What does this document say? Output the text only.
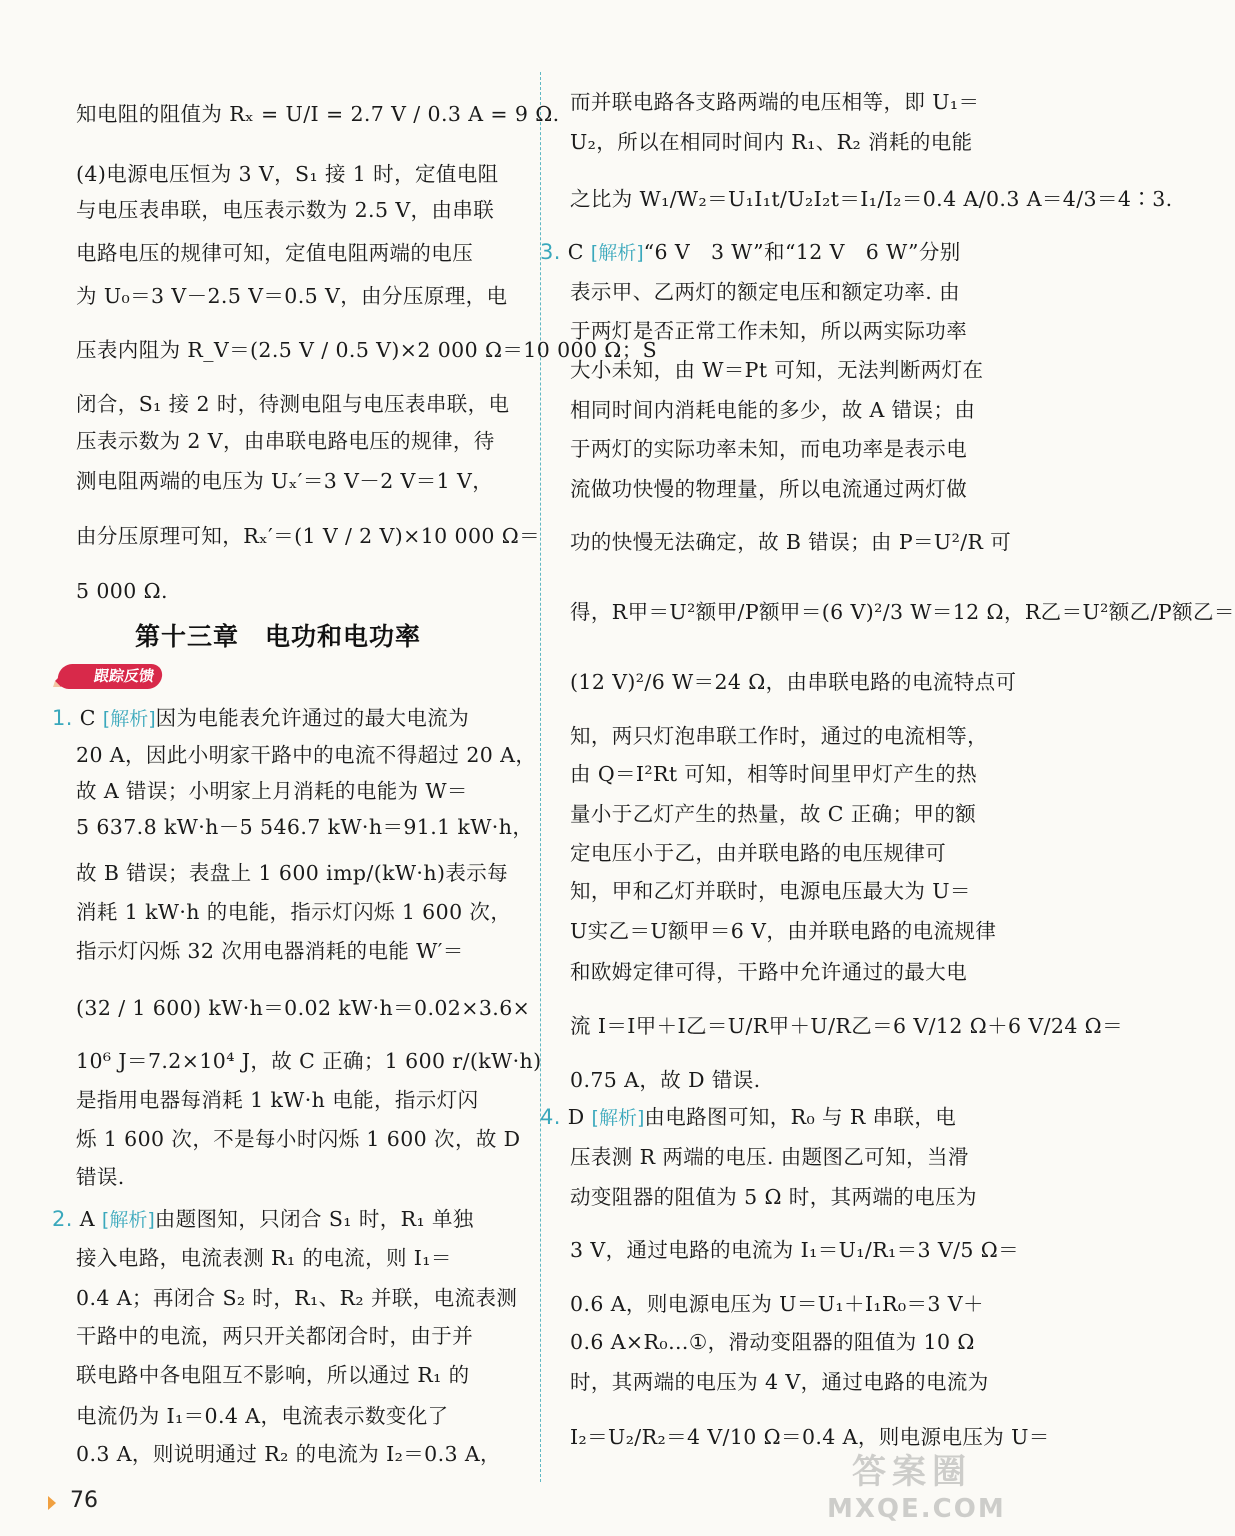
知电阻的阻值为 Rₓ = U/I = 2.7 V / 0.3 A = 9 Ω.
(4)电源电压恒为 3 V，S₁ 接 1 时，定值电阻
与电压表串联，电压表示数为 2.5 V，由串联
电路电压的规律可知，定值电阻两端的电压
为 U₀＝3 V－2.5 V＝0.5 V，由分压原理，电
压表内阻为 R_V＝(2.5 V / 0.5 V)×2 000 Ω＝10 000 Ω；S
闭合，S₁ 接 2 时，待测电阻与电压表串联，电
压表示数为 2 V，由串联电路电压的规律，待
测电阻两端的电压为 Uₓ′＝3 V－2 V＝1 V，
由分压原理可知，Rₓ′＝(1 V / 2 V)×10 000 Ω＝
5 000 Ω.
第十三章　电功和电功率
跟踪反馈
1. C [解析]因为电能表允许通过的最大电流为
20 A，因此小明家干路中的电流不得超过 20 A，
故 A 错误；小明家上月消耗的电能为 W＝
5 637.8 kW·h－5 546.7 kW·h＝91.1 kW·h，
故 B 错误；表盘上 1 600 imp/(kW·h)表示每
消耗 1 kW·h 的电能，指示灯闪烁 1 600 次，
指示灯闪烁 32 次用电器消耗的电能 W′＝
(32 / 1 600) kW·h＝0.02 kW·h＝0.02×3.6×
10⁶ J＝7.2×10⁴ J，故 C 正确；1 600 r/(kW·h)
是指用电器每消耗 1 kW·h 电能，指示灯闪
烁 1 600 次，不是每小时闪烁 1 600 次，故 D
错误.
2. A [解析]由题图知，只闭合 S₁ 时，R₁ 单独
接入电路，电流表测 R₁ 的电流，则 I₁＝
0.4 A；再闭合 S₂ 时，R₁、R₂ 并联，电流表测
干路中的电流，两只开关都闭合时，由于并
联电路中各电阻互不影响，所以通过 R₁ 的
电流仍为 I₁＝0.4 A，电流表示数变化了
0.3 A，则说明通过 R₂ 的电流为 I₂＝0.3 A，
而并联电路各支路两端的电压相等，即 U₁＝
U₂，所以在相同时间内 R₁、R₂ 消耗的电能
之比为 W₁/W₂＝U₁I₁t/U₂I₂t＝I₁/I₂＝0.4 A/0.3 A＝4/3＝4∶3.
3. C [解析]“6 V　3 W”和“12 V　6 W”分别
表示甲、乙两灯的额定电压和额定功率. 由
于两灯是否正常工作未知，所以两实际功率
大小未知，由 W＝Pt 可知，无法判断两灯在
相同时间内消耗电能的多少，故 A 错误；由
于两灯的实际功率未知，而电功率是表示电
流做功快慢的物理量，所以电流通过两灯做
功的快慢无法确定，故 B 错误；由 P＝U²/R 可
得，R甲＝U²额甲/P额甲＝(6 V)²/3 W＝12 Ω，R乙＝U²额乙/P额乙＝
(12 V)²/6 W＝24 Ω，由串联电路的电流特点可
知，两只灯泡串联工作时，通过的电流相等，
由 Q＝I²Rt 可知，相等时间里甲灯产生的热
量小于乙灯产生的热量，故 C 正确；甲的额
定电压小于乙，由并联电路的电压规律可
知，甲和乙灯并联时，电源电压最大为 U＝
U实乙＝U额甲＝6 V，由并联电路的电流规律
和欧姆定律可得，干路中允许通过的最大电
流 I＝I甲＋I乙＝U/R甲＋U/R乙＝6 V/12 Ω＋6 V/24 Ω＝
0.75 A，故 D 错误.
4. D [解析]由电路图可知，R₀ 与 R 串联，电
压表测 R 两端的电压. 由题图乙可知，当滑
动变阻器的阻值为 5 Ω 时，其两端的电压为
3 V，通过电路的电流为 I₁＝U₁/R₁＝3 V/5 Ω＝
0.6 A，则电源电压为 U＝U₁＋I₁R₀＝3 V＋
0.6 A×R₀…①，滑动变阻器的阻值为 10 Ω
时，其两端的电压为 4 V，通过电路的电流为
I₂＝U₂/R₂＝4 V/10 Ω＝0.4 A，则电源电压为 U＝
76
答案圈
MXQE.COM
